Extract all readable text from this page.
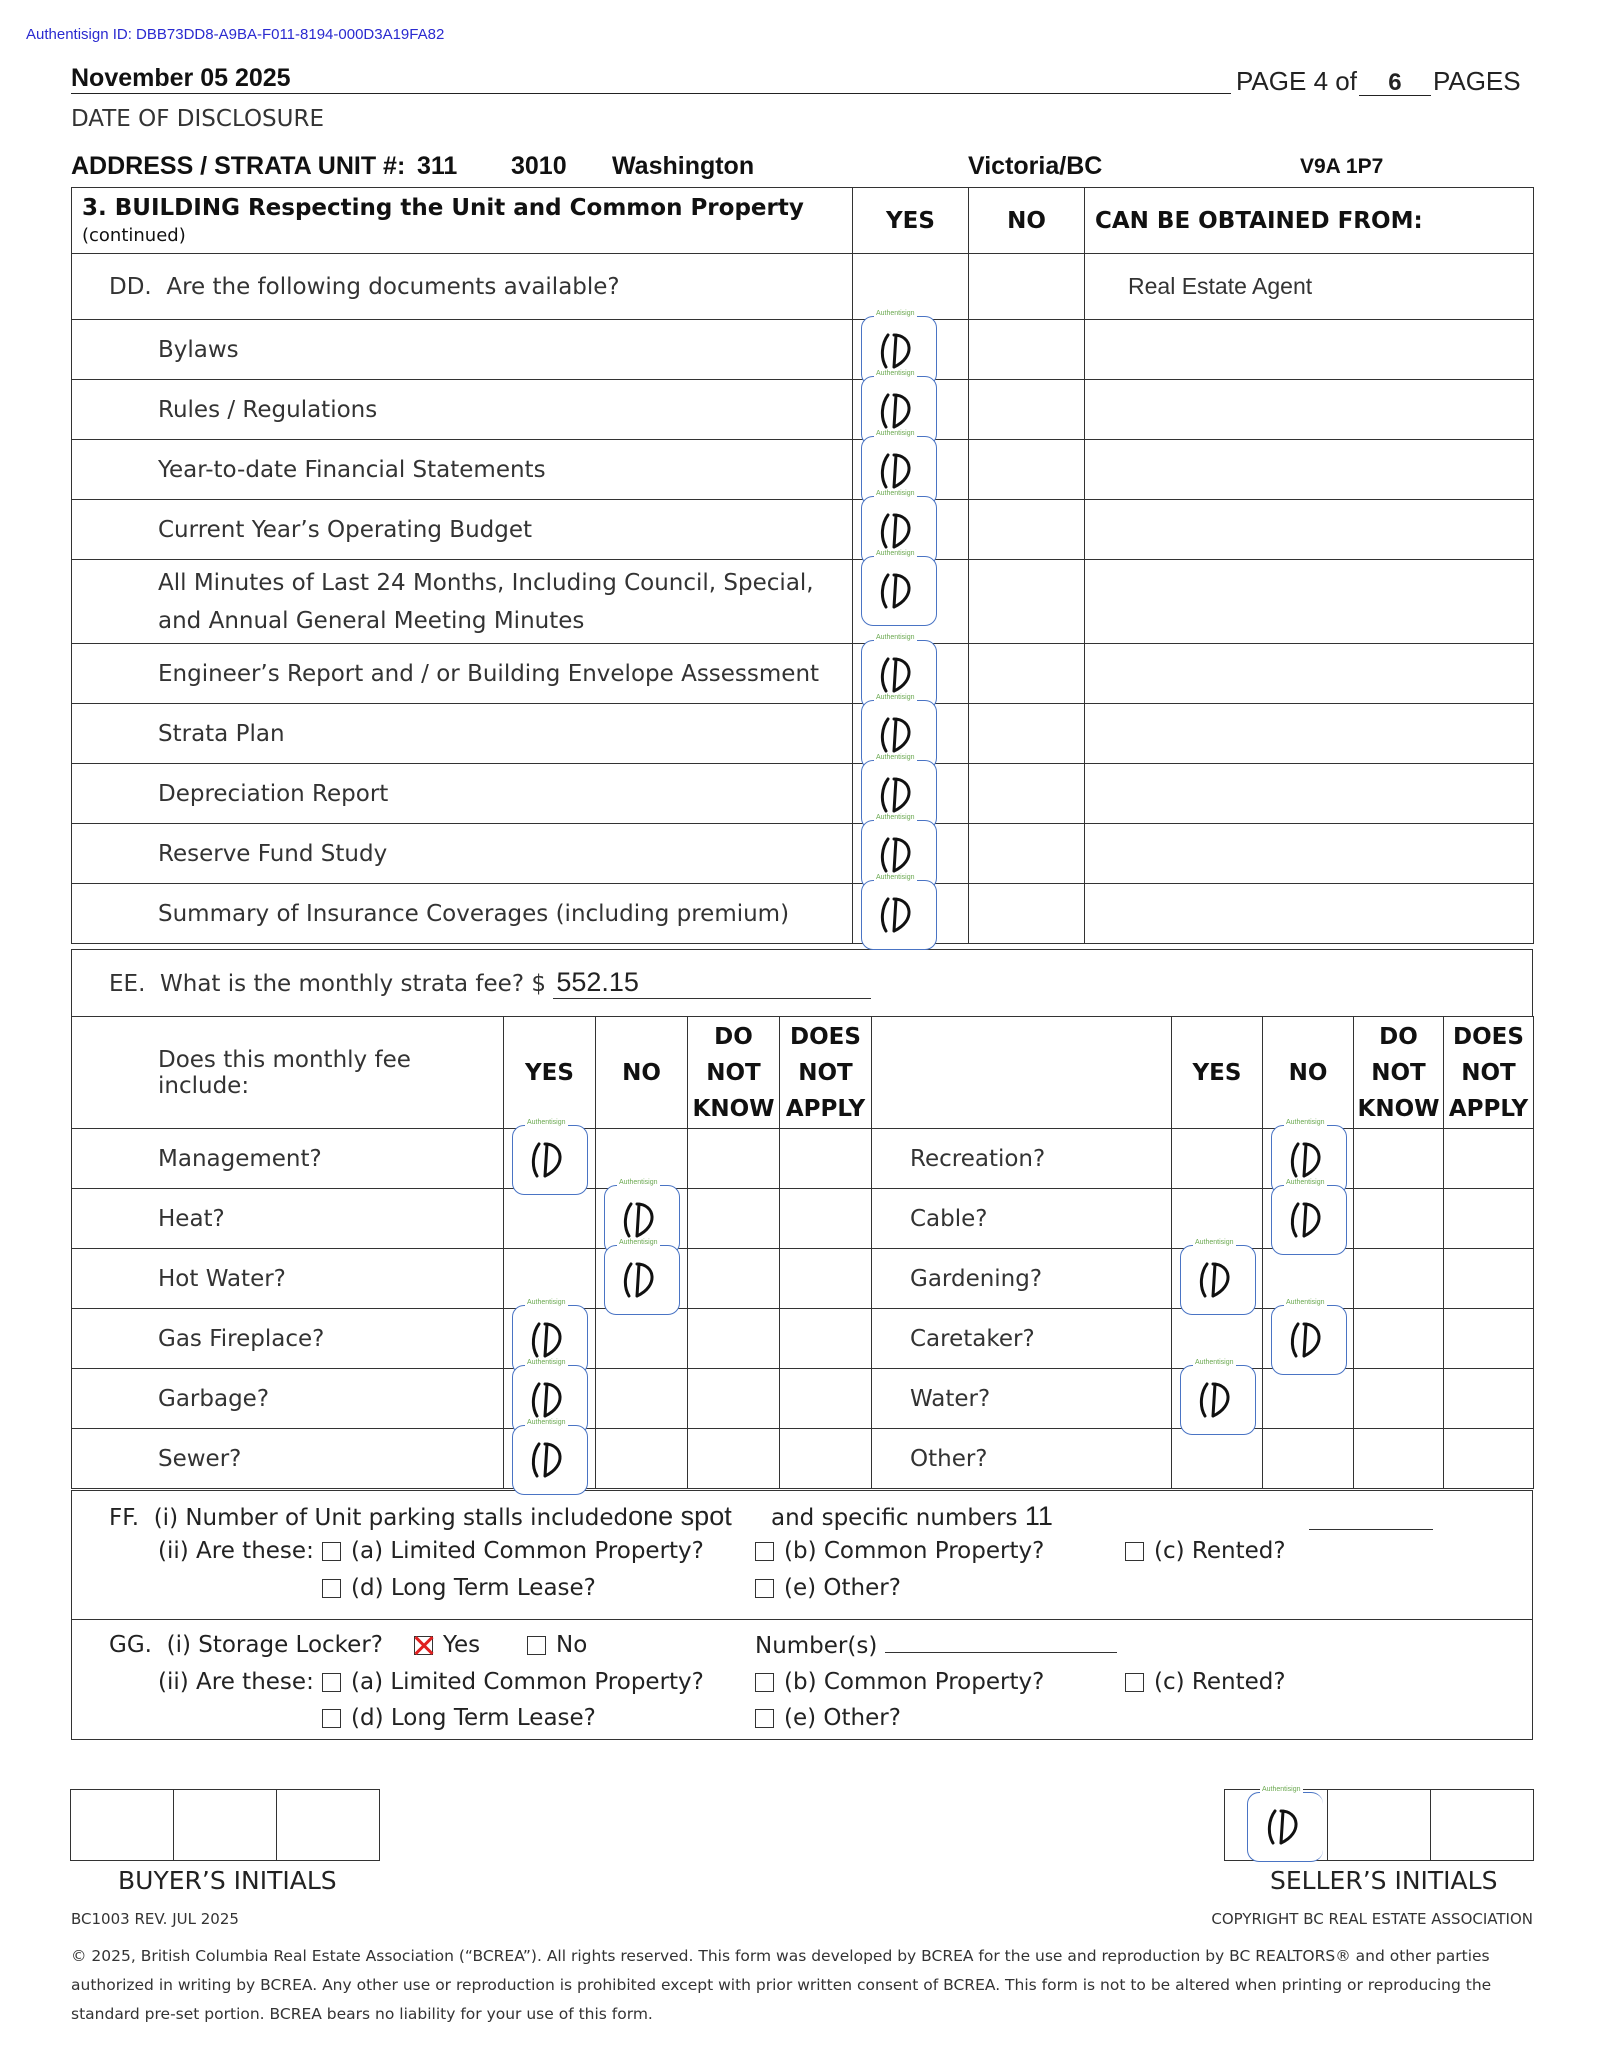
Authentisign ID: DBB73DD8-A9BA-F011-8194-000D3A19FA82
November 05 2025	PAGE 4 of 6 PAGES
DATE OF DISCLOSURE
ADDRESS / STRATA UNIT #: 311 3010 Washington	Victoria/BC	V9A 1P7
3. BUILDING Respecting the Unit and Common Property (continued)	YES	NO	CAN BE OBTAINED FROM:
DD. Are the following documents available?			Real Estate Agent
Bylaws	Authentisign		

Rules / Regulations	Authentisign		

Year-to-date Financial Statements	Authentisign		

Current Year’s Operating Budget	Authentisign		

All Minutes of Last 24 Months, Including Council, Special,
and Annual General Meeting Minutes	Authentisign		

Engineer’s Report and / or Building Envelope Assessment	Authentisign		

Strata Plan	Authentisign		

Depreciation Report	Authentisign		

Reserve Fund Study	Authentisign		

Summary of Insurance Coverages (including premium)	Authentisign		

EE. What is the monthly strata fee? $ 552.15
Does this monthly fee include:	YES	NO	DO
NOT
KNOW	DOES
NOT
APPLY		YES	NO	DO
NOT
KNOW	DOES
NOT
APPLY
Management?	Authentisign				Recreation?		Authentisign		

Heat?		Authentisign			Cable?		Authentisign		

Hot Water?		Authentisign			Gardening?	Authentisign			

Gas Fireplace?	Authentisign				Caretaker?		Authentisign		

Garbage?	Authentisign				Water?	Authentisign			

Sewer?	Authentisign				Other?				
FF. (i) Number of Unit parking stalls includedone spot and specific numbers 11
(ii) Are these:	(a) Limited Common Property?	(b) Common Property?	(c) Rented?
(d) Long Term Lease?	(e) Other?
GG. (i) Storage Locker?	Yes	No	Number(s)
(ii) Are these:	(a) Limited Common Property?	(b) Common Property?	(c) Rented?
(d) Long Term Lease?	(e) Other?
BUYER’S INITIALS
Authentisign
SELLER’S INITIALS
BC1003 REV. JUL 2025	COPYRIGHT BC REAL ESTATE ASSOCIATION
© 2025, British Columbia Real Estate Association (“BCREA”). All rights reserved. This form was developed by BCREA for the use and reproduction by BC REALTORS® and other parties authorized in writing by BCREA. Any other use or reproduction is prohibited except with prior written consent of BCREA. This form is not to be altered when printing or reproducing the standard pre-set portion. BCREA bears no liability for your use of this form.
